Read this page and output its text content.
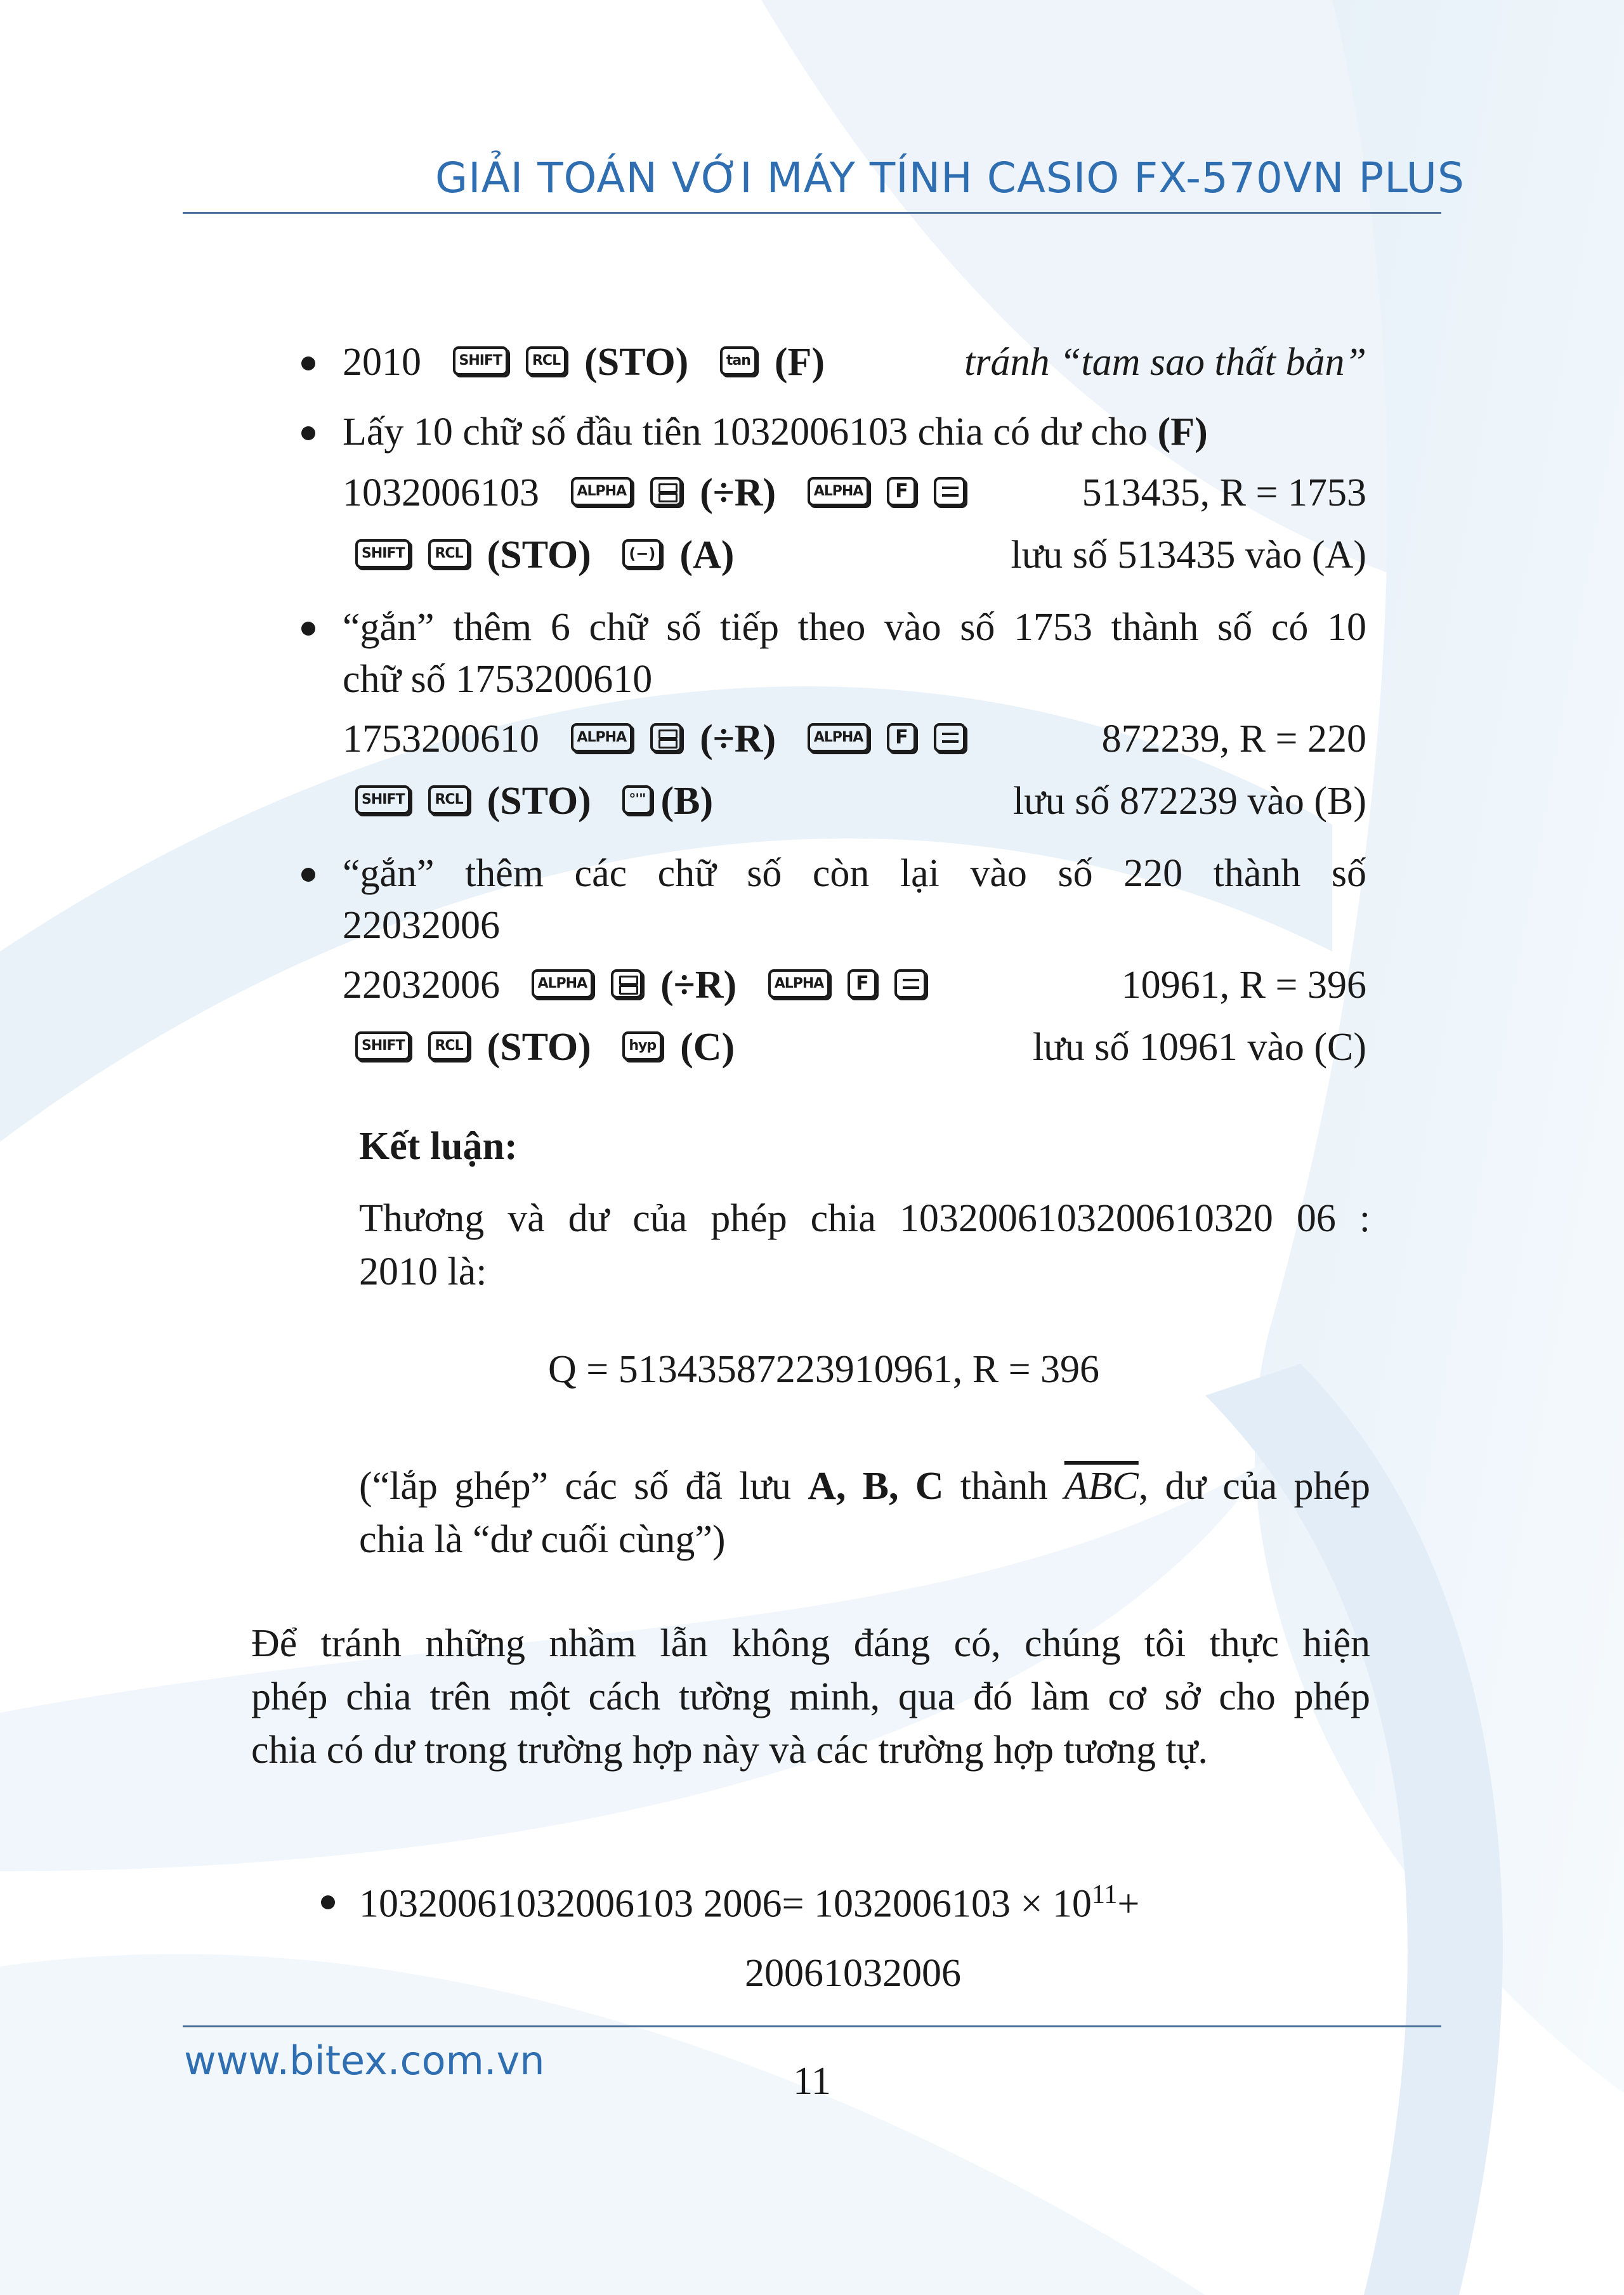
GIẢI TOÁN VỚI MÁY TÍNH CASIO FX-570VN PLUS
2010	SHIFT RCL (STO)	tan (F)	tránh “tam sao thất bản”
Lấy 10 chữ số đầu tiên 1032006103 chia có dư cho (F)
1032006103	ALPHA (÷R)	ALPHA F	513435, R = 1753
SHIFT RCL (STO) (−) (A)	lưu số 513435 vào (A)
“gắn” thêm 6 chữ số tiếp theo vào số 1753 thành số có 10
chữ số 1753200610
1753200610	ALPHA (÷R)	ALPHA F	872239, R = 220
SHIFT RCL (STO)	°'" (B)	lưu số 872239 vào (B)
“gắn” thêm các chữ số còn lại vào số 220 thành số
22032006
22032006	ALPHA (÷R)	ALPHA F	10961, R = 396
SHIFT RCL (STO)	hyp (C)	lưu số 10961 vào (C)
Kết luận:
Thương và dư của phép chia 1032006103200610320 06 :
2010 là:
Q = 51343587223910961, R = 396
(“lắp ghép” các số đã lưu A, B, C thành $\overline{ABC}$, dư của phép
chia là “dư cuối cùng”)
Để tránh những nhầm lẫn không đáng có, chúng tôi thực hiện
phép chia trên một cách tường minh, qua đó làm cơ sở cho phép
chia có dư trong trường hợp này và các trường hợp tương tự.
10320061032006103 $2006= 1032006103 \times 10^{11}+$
20061032006
www.bitex.com.vn	11
